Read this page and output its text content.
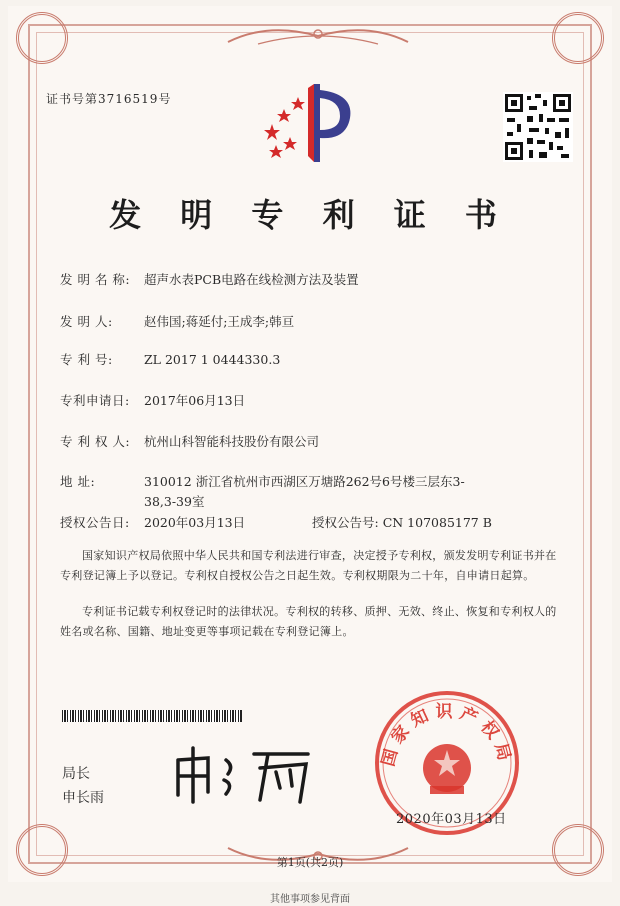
证书号第3716519号
发 明 专 利 证 书
发 明 名 称: 超声水表PCB电路在线检测方法及装置
发 明 人:	赵伟国;蒋延付;王成李;韩亘
专 利 号:	ZL 2017 1 0444330.3
专利申请日: 2017年06月13日
专 利 权 人: 杭州山科智能科技股份有限公司
地 址:	310012 浙江省杭州市西湖区万塘路262号6号楼三层东3-38,3-39室
授权公告日: 2020年03月13日	授权公告号: CN 107085177 B
国家知识产权局依照中华人民共和国专利法进行审查，决定授予专利权，颁发发明专利证书并在专利登记簿上予以登记。专利权自授权公告之日起生效。专利权期限为二十年，自申请日起算。
专利证书记载专利权登记时的法律状况。专利权的转移、质押、无效、终止、恢复和专利权人的姓名或名称、国籍、地址变更等事项记载在专利登记簿上。
局长
申长雨
国家知识产权局
2020年03月13日
第1页(共2页)
其他事项参见背面
